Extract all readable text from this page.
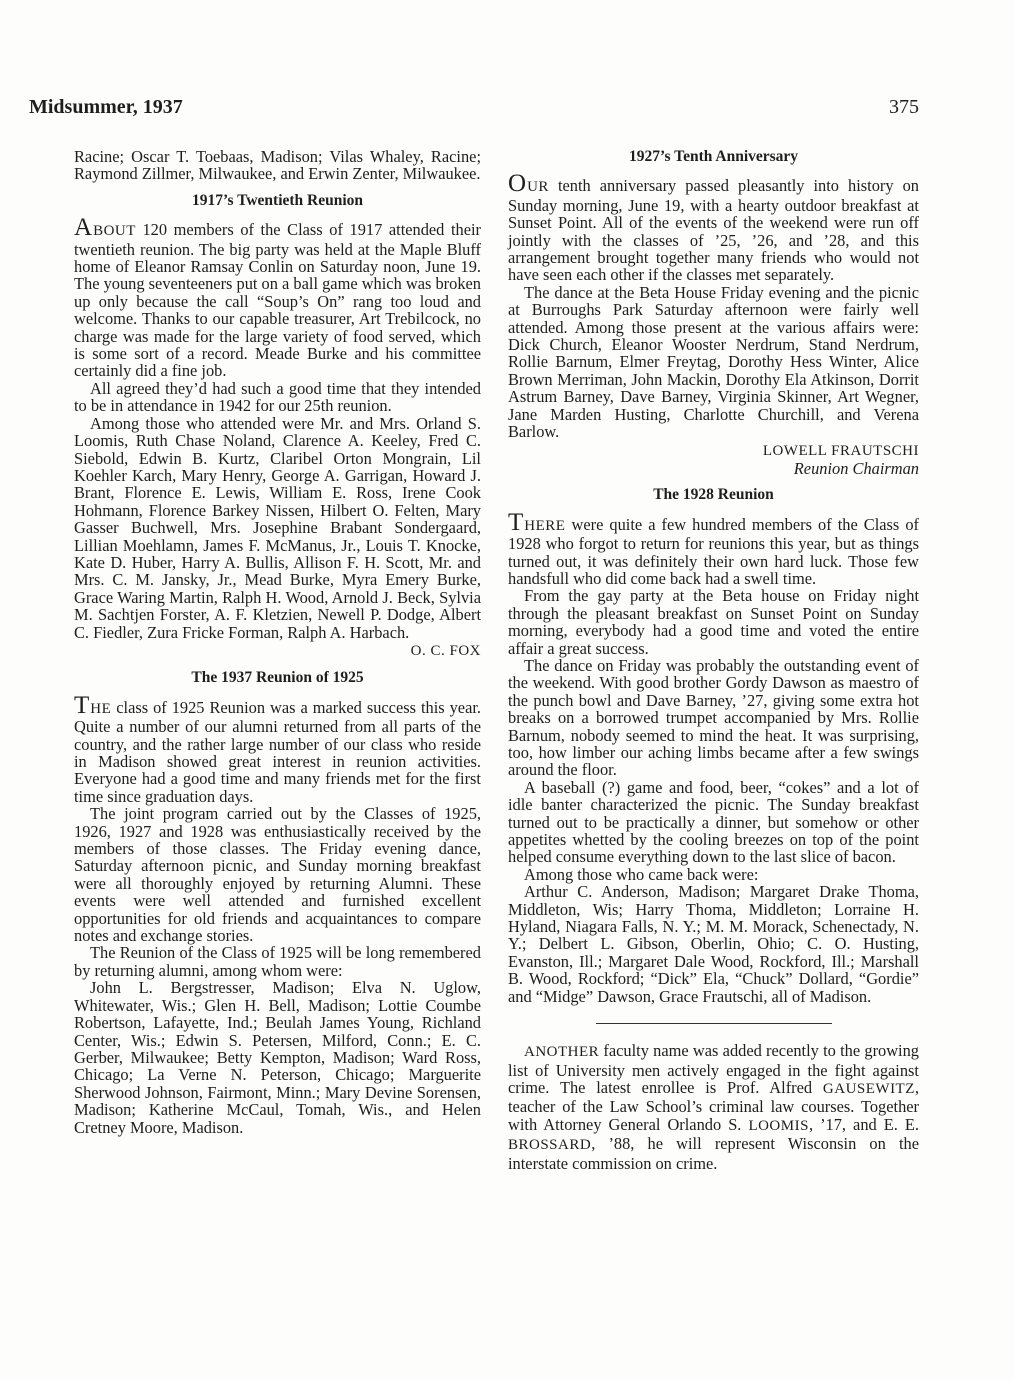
Midsummer, 1937	375

Racine; Oscar T. Toebaas, Madison; Vilas Whaley, Racine; Raymond Zillmer, Milwaukee, and Erwin Zenter, Milwaukee.

1917’s Twentieth Reunion

ABOUT 120 members of the Class of 1917 attended their twentieth reunion. The big party was held at the Maple Bluff home of Eleanor Ramsay Conlin on Saturday noon, June 19. The young seventeeners put on a ball game which was broken up only because the call “Soup’s On” rang too loud and welcome. Thanks to our capable treasurer, Art Trebilcock, no charge was made for the large variety of food served, which is some sort of a record. Meade Burke and his committee certainly did a fine job.

All agreed they’d had such a good time that they intended to be in attendance in 1942 for our 25th reunion.

Among those who attended were Mr. and Mrs. Orland S. Loomis, Ruth Chase Noland, Clarence A. Keeley, Fred C. Siebold, Edwin B. Kurtz, Claribel Orton Mongrain, Lil Koehler Karch, Mary Henry, George A. Garrigan, Howard J. Brant, Florence E. Lewis, William E. Ross, Irene Cook Hohmann, Florence Barkey Nissen, Hilbert O. Felten, Mary Gasser Buchwell, Mrs. Josephine Brabant Sondergaard, Lillian Moehlamn, James F. McManus, Jr., Louis T. Knocke, Kate D. Huber, Harry A. Bullis, Allison F. H. Scott, Mr. and Mrs. C. M. Jansky, Jr., Mead Burke, Myra Emery Burke, Grace Waring Martin, Ralph H. Wood, Arnold J. Beck, Sylvia M. Sachtjen Forster, A. F. Kletzien, Newell P. Dodge, Albert C. Fiedler, Zura Fricke Forman, Ralph A. Harbach.

O. C. FOX

The 1937 Reunion of 1925

THE class of 1925 Reunion was a marked success this year. Quite a number of our alumni returned from all parts of the country, and the rather large number of our class who reside in Madison showed great interest in reunion activities. Everyone had a good time and many friends met for the first time since graduation days.

The joint program carried out by the Classes of 1925, 1926, 1927 and 1928 was enthusiastically received by the members of those classes. The Friday evening dance, Saturday afternoon picnic, and Sunday morning breakfast were all thoroughly enjoyed by returning Alumni. These events were well attended and furnished excellent opportunities for old friends and acquaintances to compare notes and exchange stories.

The Reunion of the Class of 1925 will be long remembered by returning alumni, among whom were:

John L. Bergstresser, Madison; Elva N. Uglow, Whitewater, Wis.; Glen H. Bell, Madison; Lottie Coumbe Robertson, Lafayette, Ind.; Beulah James Young, Richland Center, Wis.; Edwin S. Petersen, Milford, Conn.; E. C. Gerber, Milwaukee; Betty Kempton, Madison; Ward Ross, Chicago; La Verne N. Peterson, Chicago; Marguerite Sherwood Johnson, Fairmont, Minn.; Mary Devine Sorensen, Madison; Katherine McCaul, Tomah, Wis., and Helen Cretney Moore, Madison.

1927’s Tenth Anniversary

OUR tenth anniversary passed pleasantly into history on Sunday morning, June 19, with a hearty outdoor breakfast at Sunset Point. All of the events of the weekend were run off jointly with the classes of ’25, ’26, and ’28, and this arrangement brought together many friends who would not have seen each other if the classes met separately.

The dance at the Beta House Friday evening and the picnic at Burroughs Park Saturday afternoon were fairly well attended. Among those present at the various affairs were: Dick Church, Eleanor Wooster Nerdrum, Stand Nerdrum, Rollie Barnum, Elmer Freytag, Dorothy Hess Winter, Alice Brown Merriman, John Mackin, Dorothy Ela Atkinson, Dorrit Astrum Barney, Dave Barney, Virginia Skinner, Art Wegner, Jane Marden Husting, Charlotte Churchill, and Verena Barlow.

LOWELL FRAUTSCHI

Reunion Chairman

The 1928 Reunion

THERE were quite a few hundred members of the Class of 1928 who forgot to return for reunions this year, but as things turned out, it was definitely their own hard luck. Those few handsfull who did come back had a swell time.

From the gay party at the Beta house on Friday night through the pleasant breakfast on Sunset Point on Sunday morning, everybody had a good time and voted the entire affair a great success.

The dance on Friday was probably the outstanding event of the weekend. With good brother Gordy Dawson as maestro of the punch bowl and Dave Barney, ’27, giving some extra hot breaks on a borrowed trumpet accompanied by Mrs. Rollie Barnum, nobody seemed to mind the heat. It was surprising, too, how limber our aching limbs became after a few swings around the floor.

A baseball (?) game and food, beer, “cokes” and a lot of idle banter characterized the picnic. The Sunday breakfast turned out to be practically a dinner, but somehow or other appetites whetted by the cooling breezes on top of the point helped consume everything down to the last slice of bacon.

Among those who came back were:

Arthur C. Anderson, Madison; Margaret Drake Thoma, Middleton, Wis; Harry Thoma, Middleton; Lorraine H. Hyland, Niagara Falls, N. Y.; M. M. Morack, Schenectady, N. Y.; Delbert L. Gibson, Oberlin, Ohio; C. O. Husting, Evanston, Ill.; Margaret Dale Wood, Rockford, Ill.; Marshall B. Wood, Rockford; “Dick” Ela, “Chuck” Dollard, “Gordie” and “Midge” Dawson, Grace Frautschi, all of Madison.

ANOTHER faculty name was added recently to the growing list of University men actively engaged in the fight against crime. The latest enrollee is Prof. Alfred GAUSEWITZ, teacher of the Law School’s criminal law courses. Together with Attorney General Orlando S. LOOMIS, ’17, and E. E. BROSSARD, ’88, he will represent Wisconsin on the interstate commission on crime.
